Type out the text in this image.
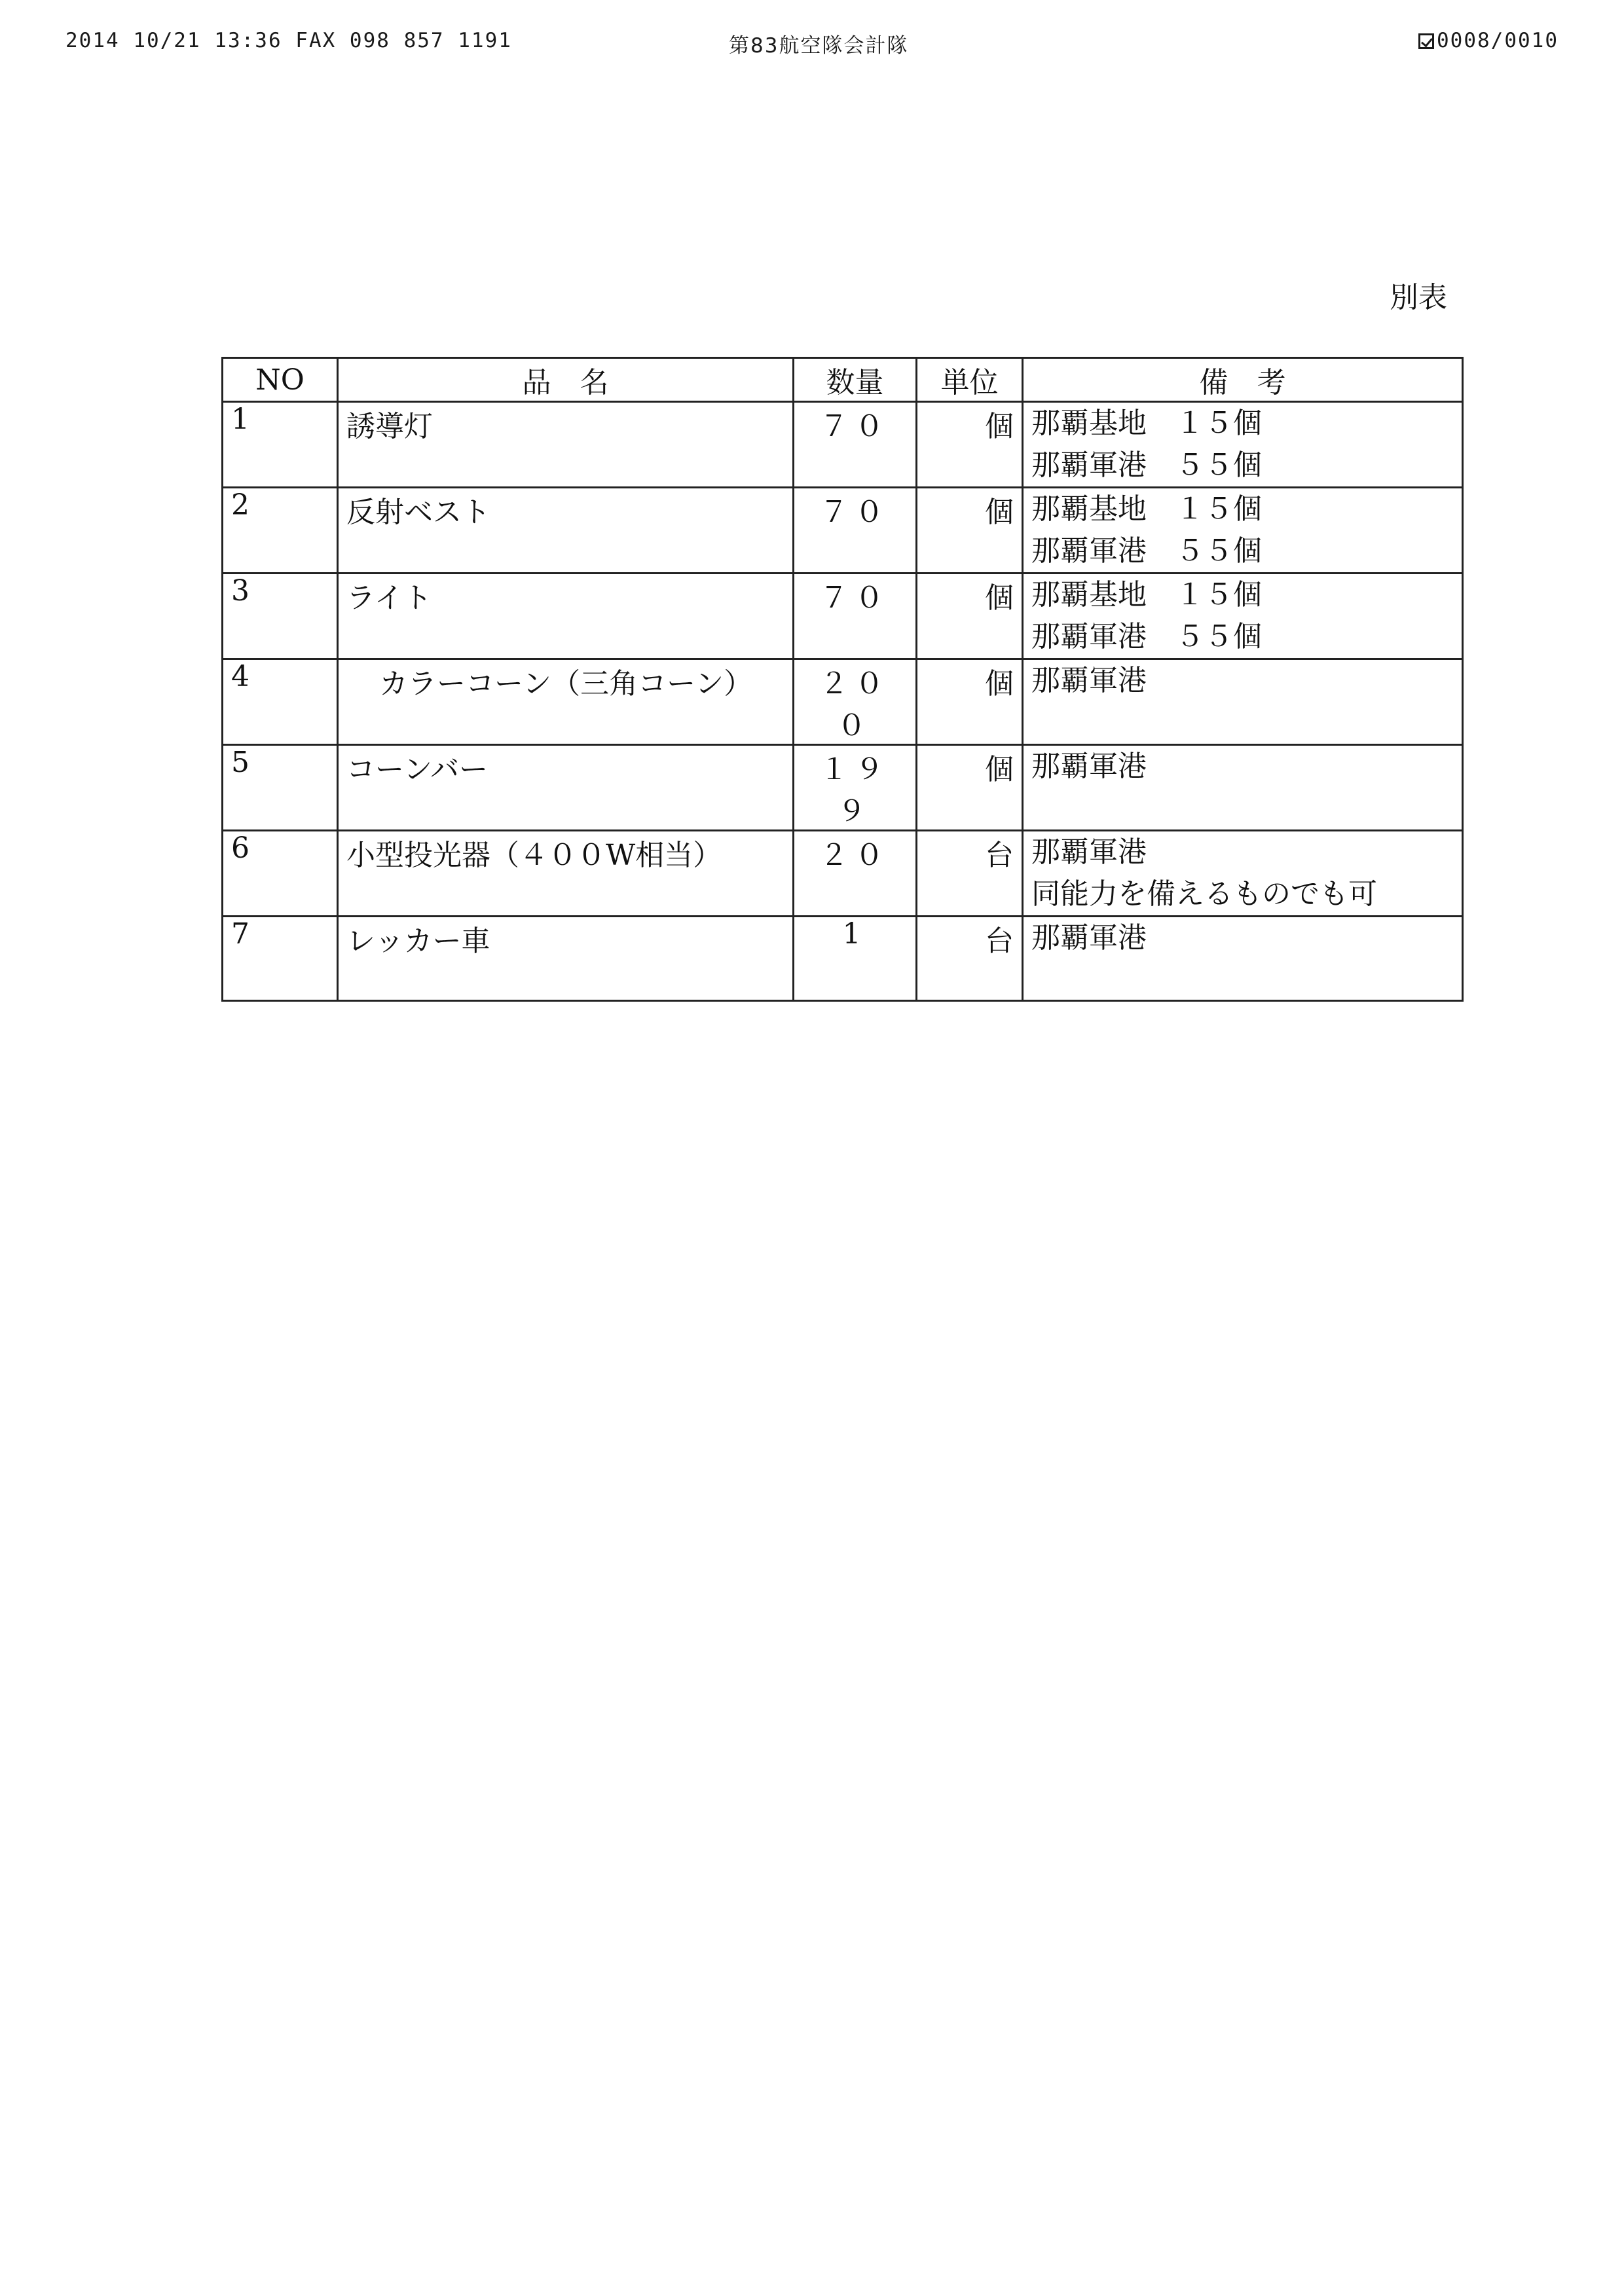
2014 10/21 13:36 FAX 098 857 1191	第83航空隊会計隊	0008/0010
別表
NO	品　名	数量	単位	備　考
1	誘導灯	７０	個	那覇基地　１５個
那覇軍港　５５個

2	反射ベスト	７０	個	那覇基地　１５個
那覇軍港　５５個

3	ライト	７０	個	那覇基地　１５個
那覇軍港　５５個

4	カラーコーン（三角コーン）	２００	個	那覇軍港

5	コーンバー	１９９	個	那覇軍港

6	小型投光器（４００W相当）	２０	台	那覇軍港
同能力を備えるものでも可

7	レッカー車	1	台	那覇軍港
